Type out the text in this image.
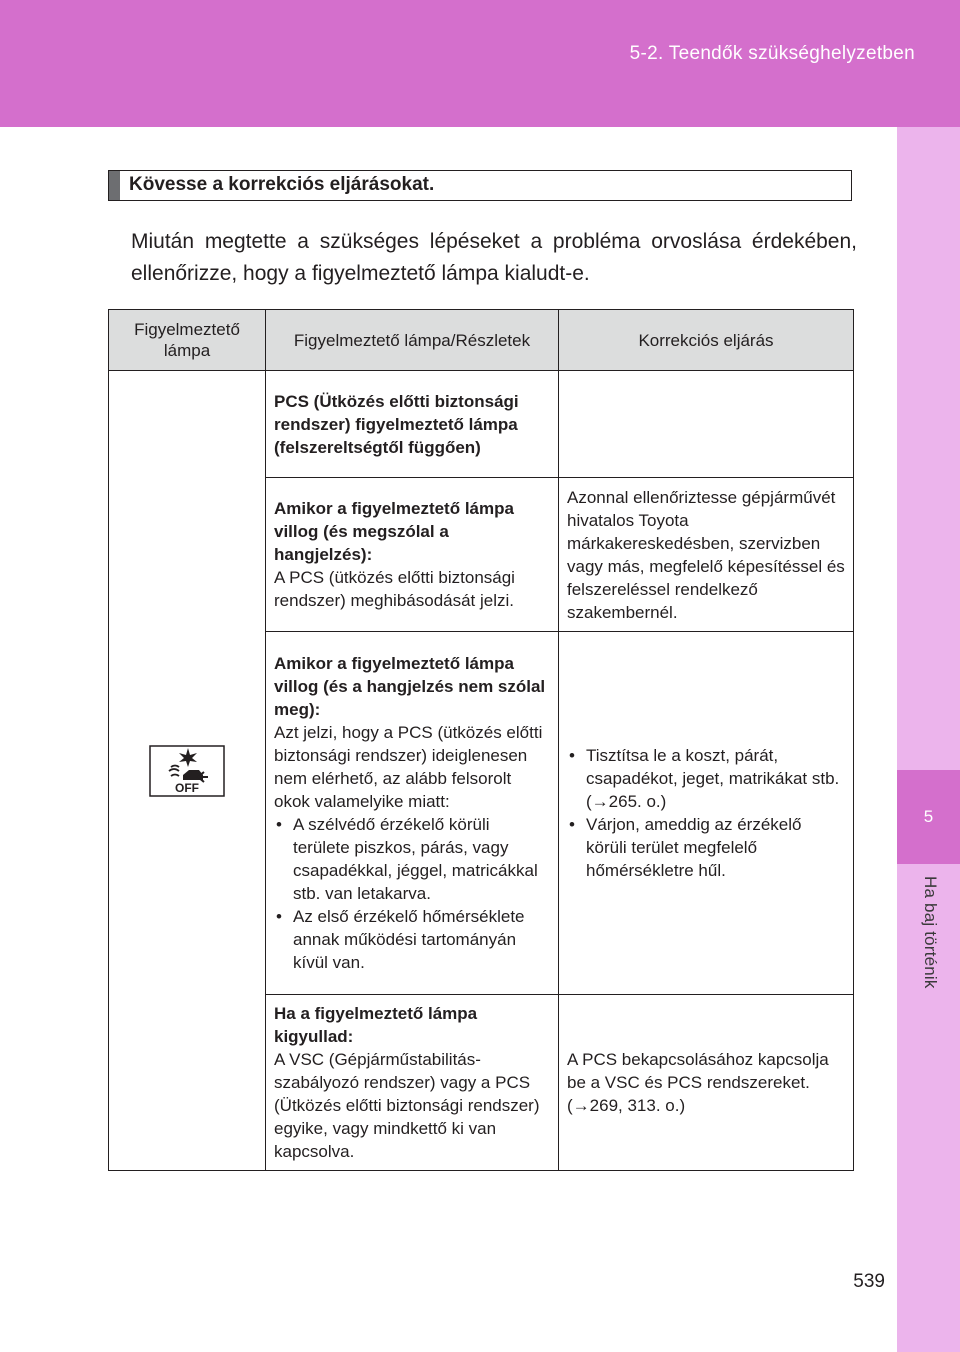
5-2. Teendők szükséghelyzetben
5
Ha baj történik
Kövesse a korrekciós eljárásokat.
Miután megtette a szükséges lépéseket a probléma orvoslása érdekében, ellenőrizze, hogy a figyelmeztető lámpa kialudt-e.
Figyelmeztető lámpa	Figyelmeztető lámpa/Részletek	Korrekciós eljárás

OFF	PCS (Ütközés előtti biztonsági rendszer) figyelmeztető lámpa (felszereltségtől függően)	

	Amikor a figyelmeztető lámpa villog (és megszólal a hangjelzés):
A PCS (ütközés előtti biztonsági rendszer) meghibásodását jelzi.	Azonnal ellenőriztesse gépjárművét hivatalos Toyota márkakereskedésben, szervizben vagy más, megfelelő képesítéssel és felszereléssel rendelkező szakembernél.

	Amikor a figyelmeztető lámpa villog (és a hangjelzés nem szólal meg):
Azt jelzi, hogy a PCS (ütközés előtti biztonsági rendszer) ideiglenesen nem elérhető, az alább felsorolt okok valamelyike miatt:
• A szélvédő érzékelő körüli területe piszkos, párás, vagy csapadékkal, jéggel, matricákkal stb. van letakarva.
• Az első érzékelő hőmérséklete annak működési tartományán kívül van.	• Tisztítsa le a koszt, párát, csapadékot, jeget, matrikákat stb. (→265. o.)
• Várjon, ameddig az érzékelő körüli terület megfelelő hőmérsékletre hűl.

	Ha a figyelmeztető lámpa kigyullad:
A VSC (Gépjárműstabilitás-szabályozó rendszer) vagy a PCS (Ütközés előtti biztonsági rendszer) egyike, vagy mindkettő ki van kapcsolva.	A PCS bekapcsolásához kapcsolja be a VSC és PCS rendszereket. (→269, 313. o.)
539
